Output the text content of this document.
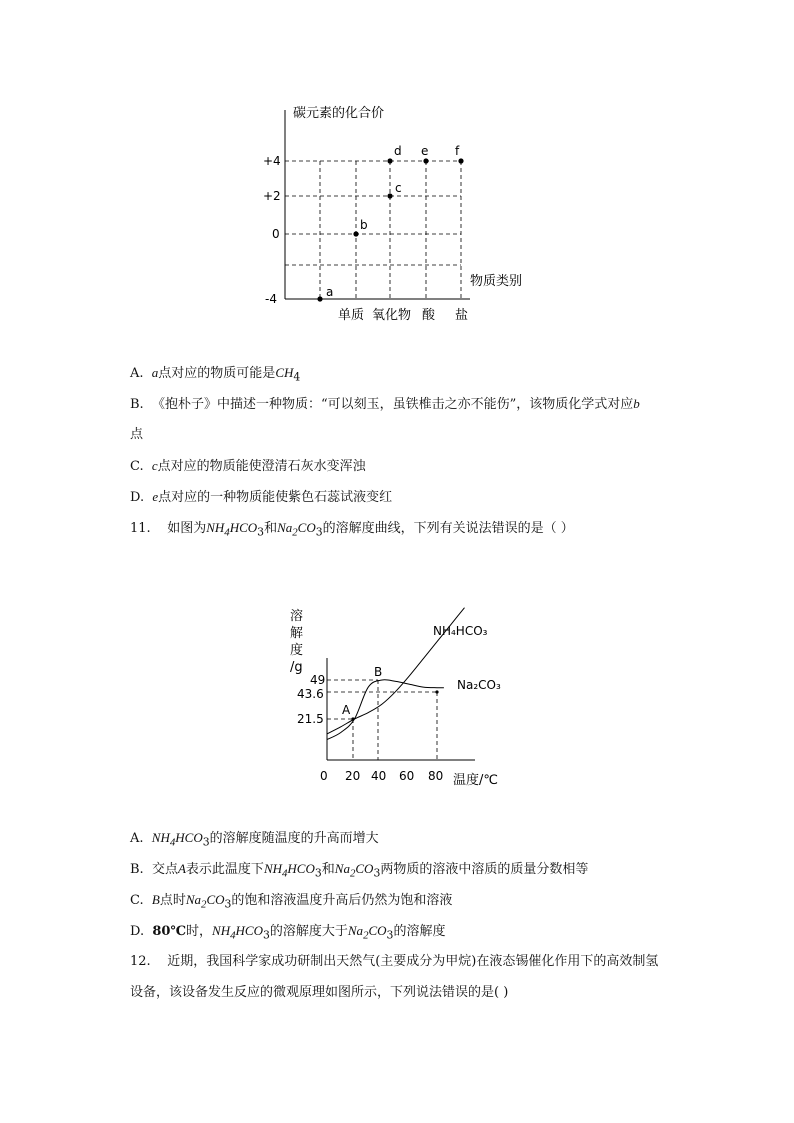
碳元素的化合价
+4
+2
0
-4
物质类别
单质 氧化物 酸 盐
a
b
c
d e f
A. a点对应的物质可能是$CH_4$
B. 《抱朴子》中描述一种物质：“可以刻玉，虽铁椎击之亦不能伤”，该物质化学式对应b
点
C. c点对应的物质能使澄清石灰水变浑浊
D. e点对应的一种物质能使紫色石蕊试液变红
11. 如图为$NH_4HCO_3$和$Na_2CO_3$的溶解度曲线，下列有关说法错误的是（ ）
溶
解
度
/g
49
43.6
21.5
0 20 40 60 80 温度/℃
A
B
NH₄HCO₃
Na₂CO₃
A. $NH_4HCO_3$的溶解度随温度的升高而增大
B. 交点A表示此温度下$NH_4HCO_3$和$Na_2CO_3$两物质的溶液中溶质的质量分数相等
C. B点时$Na_2CO_3$的饱和溶液温度升高后仍然为饱和溶液
D. 80℃时，$NH_4HCO_3$的溶解度大于$Na_2CO_3$的溶解度
12. 近期，我国科学家成功研制出天然气(主要成分为甲烷)在液态锡催化作用下的高效制氢
设备，该设备发生反应的微观原理如图所示，下列说法错误的是( )
